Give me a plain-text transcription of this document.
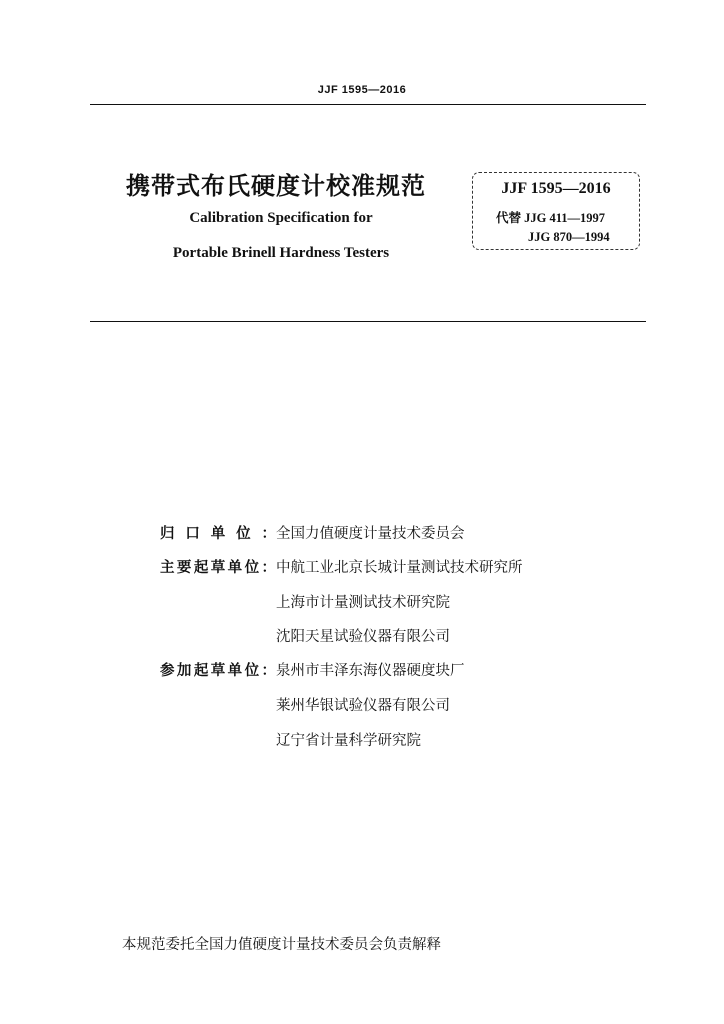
JJF 1595—2016
携带式布氏硬度计校准规范
Calibration Specification for
Portable Brinell Hardness Testers
JJF 1595—2016
代替 JJG 411—1997
JJG 870—1994
归口单位： 全国力值硬度计量技术委员会
主要起草单位： 中航工业北京长城计量测试技术研究所
上海市计量测试技术研究院
沈阳天星试验仪器有限公司
参加起草单位： 泉州市丰泽东海仪器硬度块厂
莱州华银试验仪器有限公司
辽宁省计量科学研究院
本规范委托全国力值硬度计量技术委员会负责解释
